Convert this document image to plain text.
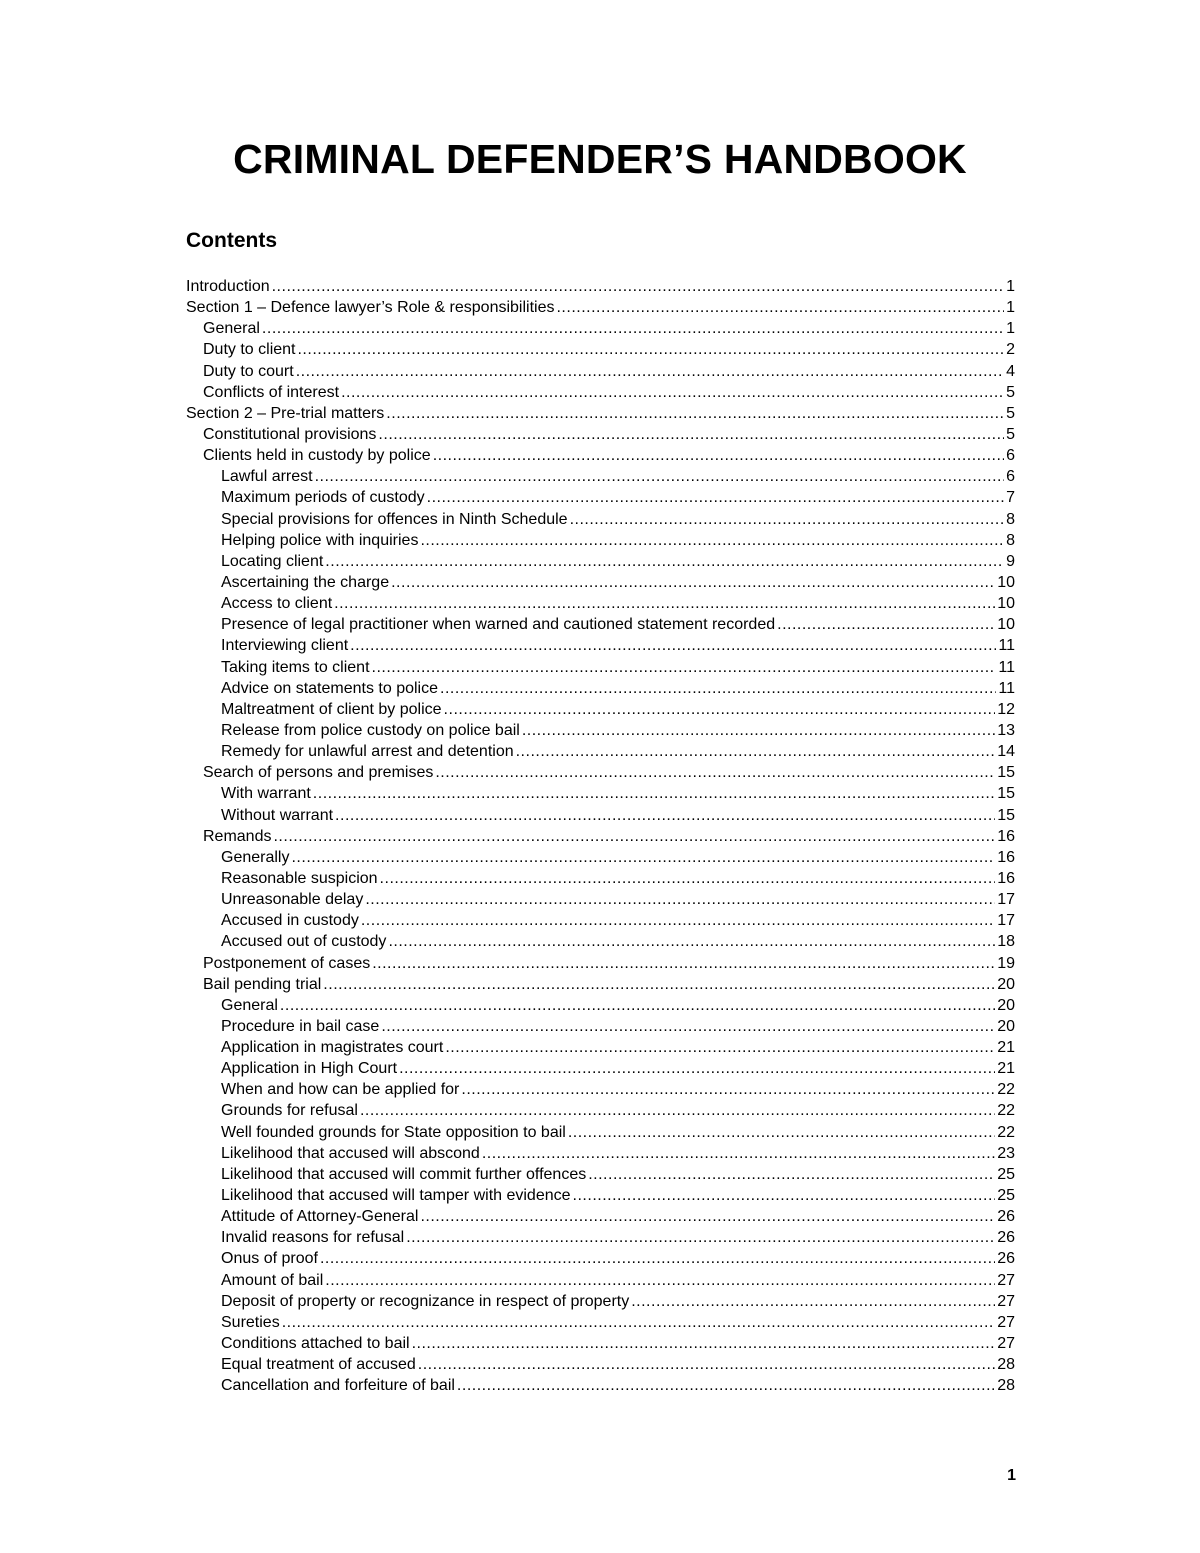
CRIMINAL DEFENDER’S HANDBOOK
Contents
Introduction .....	1
Section 1 – Defence lawyer’s Role & responsibilities .....	1
General .....	1
Duty to client .....	2
Duty to court .....	4
Conflicts of interest .....	5
Section 2 – Pre-trial matters .....	5
Constitutional provisions .....	5
Clients held in custody by police .....	6
Lawful arrest .....	6
Maximum periods of custody .....	7
Special provisions for offences in Ninth Schedule .....	8
Helping police with inquiries .....	8
Locating client .....	9
Ascertaining the charge .....	10
Access to client .....	10
Presence of legal practitioner when warned and cautioned statement recorded .....	10
Interviewing client .....	11
Taking items to client .....	11
Advice on statements to police .....	11
Maltreatment of client by police .....	12
Release from police custody on police bail .....	13
Remedy for unlawful arrest and detention .....	14
Search of persons and premises .....	15
With warrant .....	15
Without warrant .....	15
Remands .....	16
Generally .....	16
Reasonable suspicion .....	16
Unreasonable delay .....	17
Accused in custody .....	17
Accused out of custody .....	18
Postponement of cases .....	19
Bail pending trial .....	20
General .....	20
Procedure in bail case .....	20
Application in magistrates court .....	21
Application in High Court .....	21
When and how can be applied for .....	22
Grounds for refusal .....	22
Well founded grounds for State opposition to bail .....	22
Likelihood that accused will abscond .....	23
Likelihood that accused will commit further offences .....	25
Likelihood that accused will tamper with evidence .....	25
Attitude of Attorney-General .....	26
Invalid reasons for refusal .....	26
Onus of proof .....	26
Amount of bail .....	27
Deposit of property or recognizance in respect of property .....	27
Sureties .....	27
Conditions attached to bail .....	27
Equal treatment of accused .....	28
Cancellation and forfeiture of bail .....	28
1
